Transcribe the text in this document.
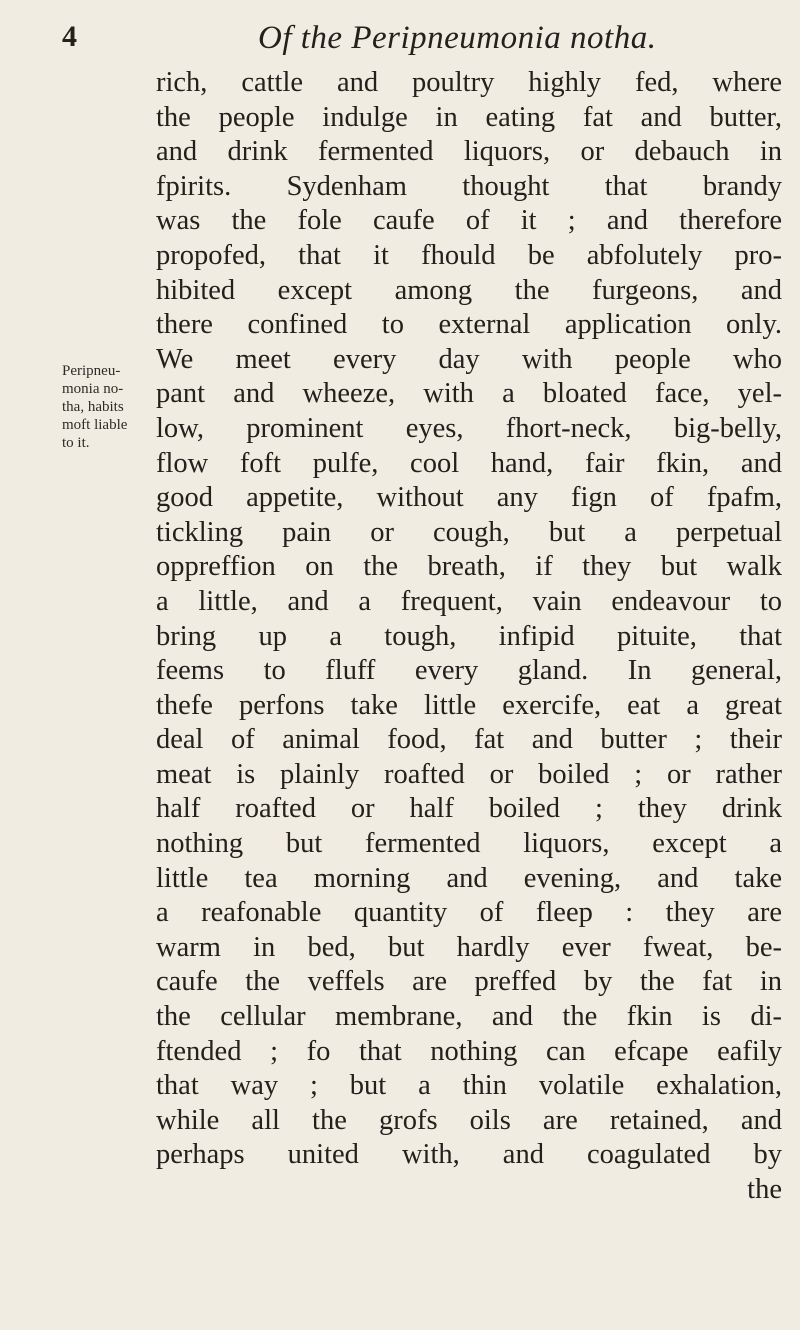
4	Of the Peripneumonia notha.
Peripneu-
monia no-
tha, habits
moft liable
to it.
rich, cattle and poultry highly fed, where
the people indulge in eating fat and butter,
and drink fermented liquors, or debauch in
fpirits. Sydenham thought that brandy
was the fole caufe of it ; and therefore
propofed, that it fhould be abfolutely pro-
hibited except among the furgeons, and
there confined to external application only.
We meet every day with people who
pant and wheeze, with a bloated face, yel-
low, prominent eyes, fhort-neck, big-belly,
flow foft pulfe, cool hand, fair fkin, and
good appetite, without any fign of fpafm,
tickling pain or cough, but a perpetual
oppreffion on the breath, if they but walk
a little, and a frequent, vain endeavour to
bring up a tough, infipid pituite, that
feems to fluff every gland. In general,
thefe perfons take little exercife, eat a great
deal of animal food, fat and butter ; their
meat is plainly roafted or boiled ; or rather
half roafted or half boiled ; they drink
nothing but fermented liquors, except a
little tea morning and evening, and take
a reafonable quantity of fleep : they are
warm in bed, but hardly ever fweat, be-
caufe the veffels are preffed by the fat in
the cellular membrane, and the fkin is di-
ftended ; fo that nothing can efcape eafily
that way ; but a thin volatile exhalation,
while all the grofs oils are retained, and
perhaps united with, and coagulated by
the
